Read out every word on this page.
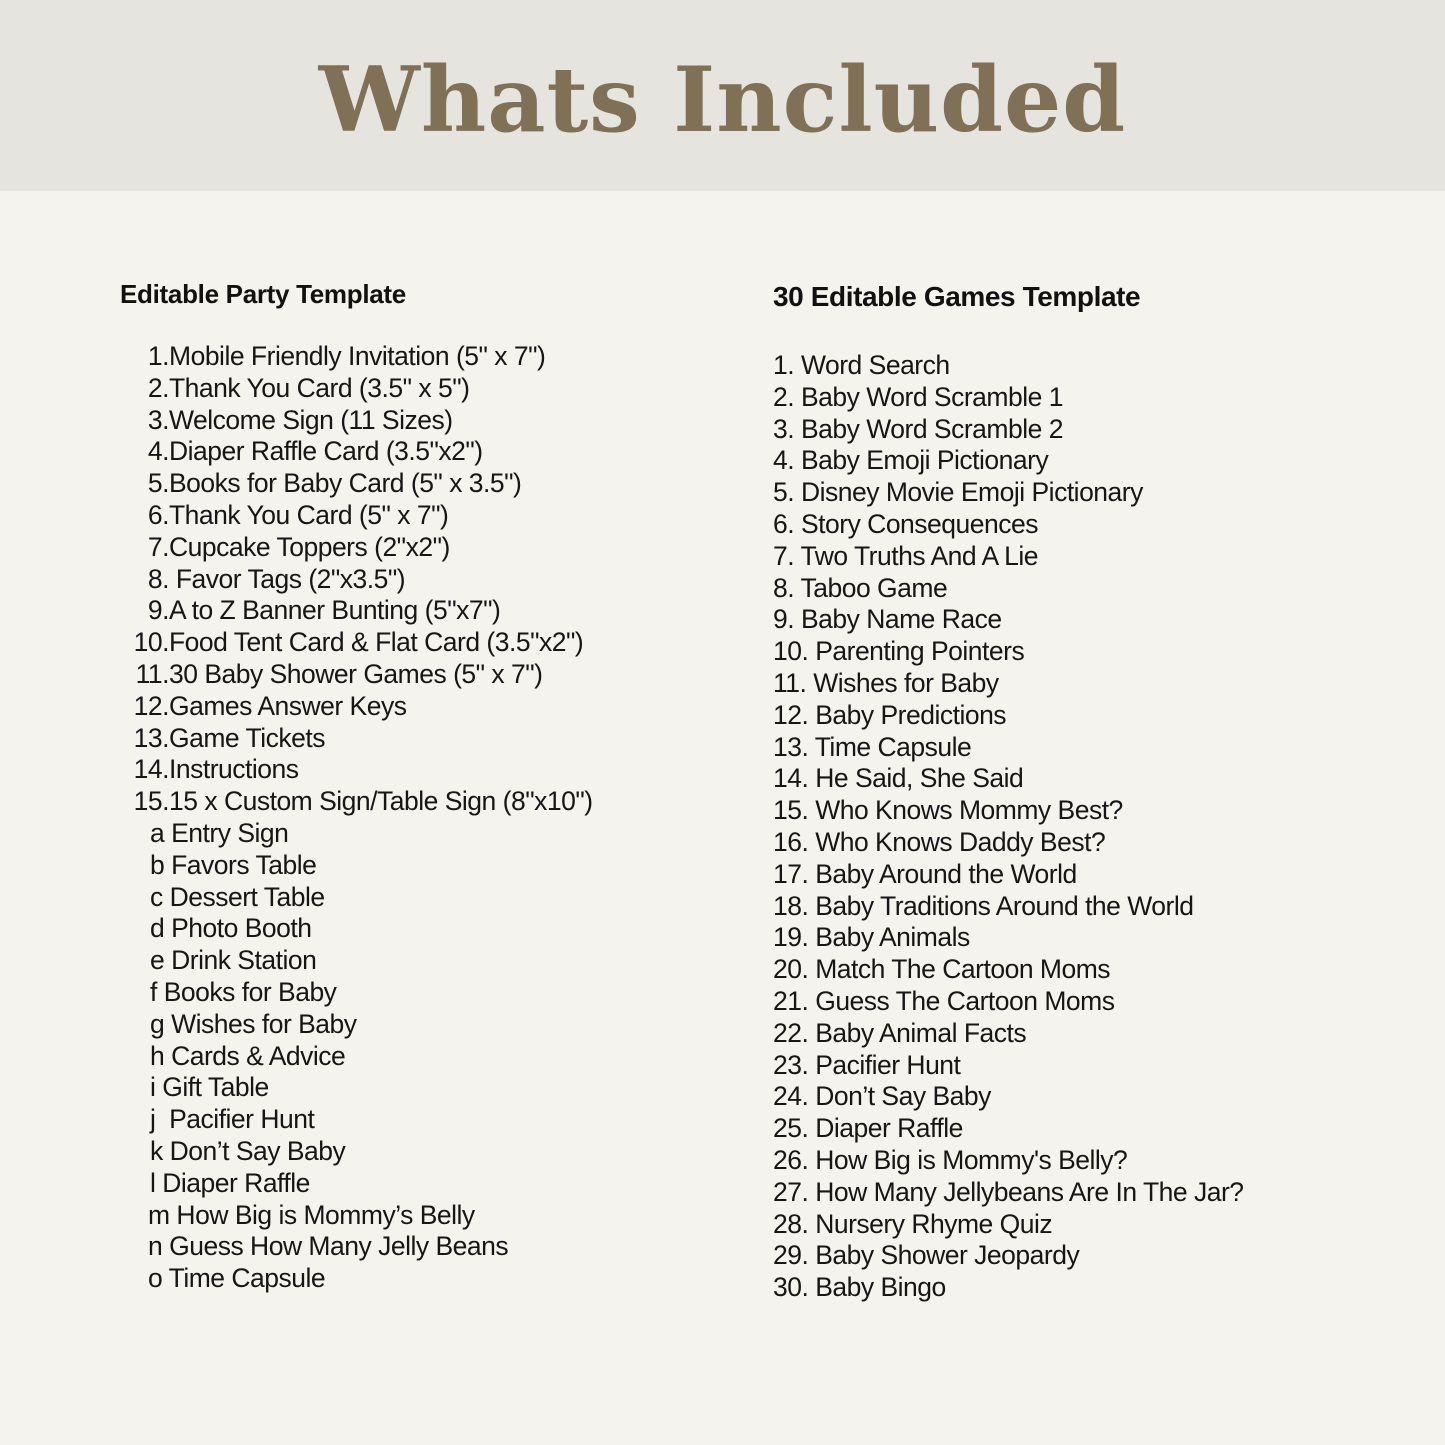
Whats Included
Editable Party Template
1. Mobile Friendly Invitation (5" x 7")
2. Thank You Card (3.5" x 5")
3. Welcome Sign (11 Sizes)
4. Diaper Raffle Card (3.5"x2")
5. Books for Baby Card (5" x 3.5")
6. Thank You Card (5" x 7")
7. Cupcake Toppers (2"x2")
8. Favor Tags (2"x3.5")
9. A to Z Banner Bunting (5"x7")
10. Food Tent Card & Flat Card (3.5"x2")
11. 30 Baby Shower Games (5" x 7")
12. Games Answer Keys
13. Game Tickets
14. Instructions
15. 15 x Custom Sign/Table Sign (8"x10")
a Entry Sign
b Favors Table
c Dessert Table
d Photo Booth
e Drink Station
f Books for Baby
g Wishes for Baby
h Cards & Advice
i Gift Table
j  Pacifier Hunt
k Don’t Say Baby
l Diaper Raffle
m How Big is Mommy’s Belly
n Guess How Many Jelly Beans
o Time Capsule
30 Editable Games Template
1. Word Search
2. Baby Word Scramble 1
3. Baby Word Scramble 2
4. Baby Emoji Pictionary
5. Disney Movie Emoji Pictionary
6. Story Consequences
7. Two Truths And A Lie
8. Taboo Game
9. Baby Name Race
10. Parenting Pointers
11. Wishes for Baby
12. Baby Predictions
13. Time Capsule
14. He Said, She Said
15. Who Knows Mommy Best?
16. Who Knows Daddy Best?
17. Baby Around the World
18. Baby Traditions Around the World
19. Baby Animals
20. Match The Cartoon Moms
21. Guess The Cartoon Moms
22. Baby Animal Facts
23. Pacifier Hunt
24. Don’t Say Baby
25. Diaper Raffle
26. How Big is Mommy's Belly?
27. How Many Jellybeans Are In The Jar?
28. Nursery Rhyme Quiz
29. Baby Shower Jeopardy
30. Baby Bingo
